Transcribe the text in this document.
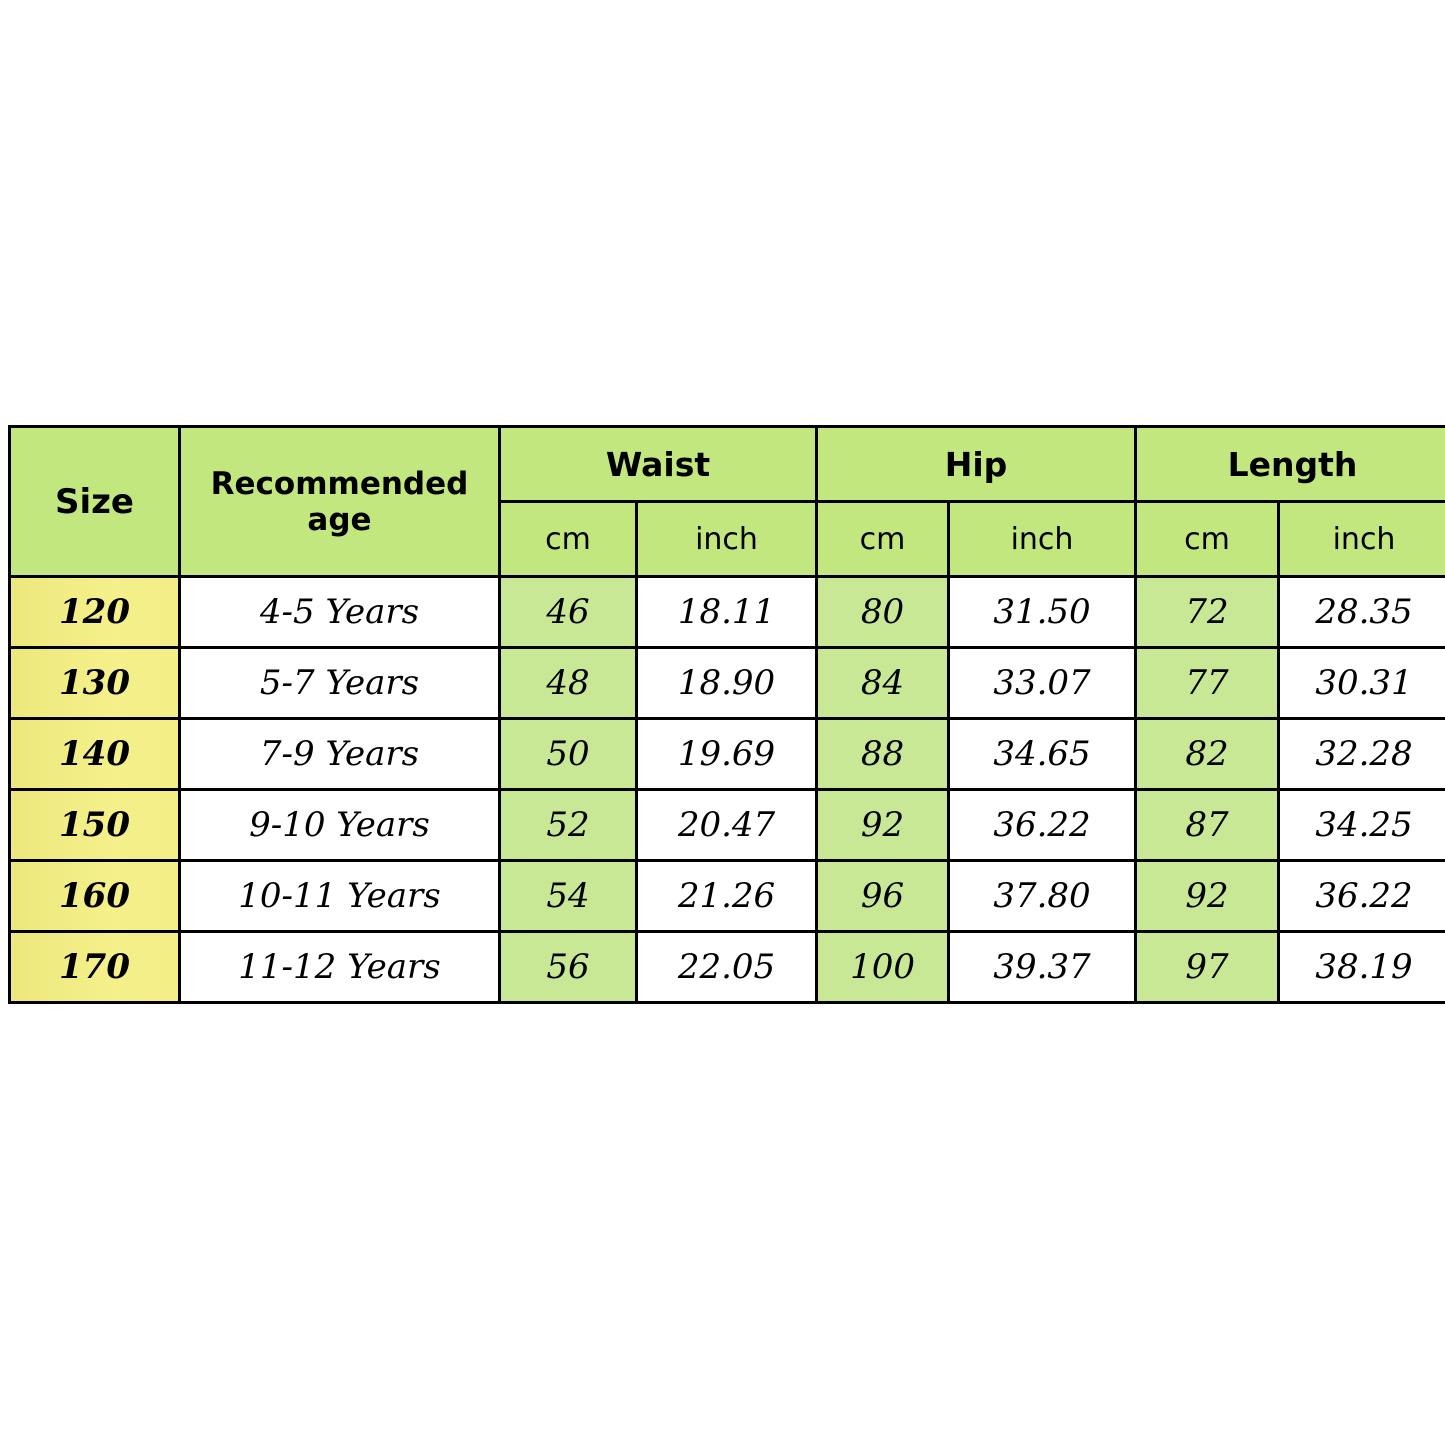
Size	Recommended age	Waist		Hip		Length	
		cm	inch	cm	inch	cm	inch
120	4-5 Years	46	18.11	80	31.50	72	28.35
130	5-7 Years	48	18.90	84	33.07	77	30.31
140	7-9 Years	50	19.69	88	34.65	82	32.28
150	9-10 Years	52	20.47	92	36.22	87	34.25
160	10-11 Years	54	21.26	96	37.80	92	36.22
170	11-12 Years	56	22.05	100	39.37	97	38.19
